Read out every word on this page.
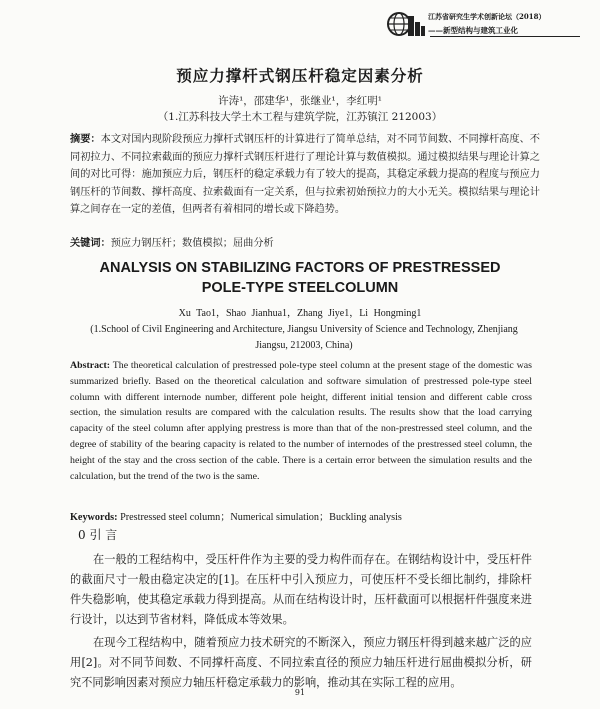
江苏省研究生学术创新论坛（2018）
——新型结构与建筑工业化
预应力撑杆式钢压杆稳定因素分析
许涛¹，邵建华¹，张继业¹，李红明¹
（1.江苏科技大学土木工程与建筑学院，江苏镇江 212003）
摘要：本文对国内现阶段预应力撑杆式钢压杆的计算进行了简单总结，对不同节间数、不同撑杆高度、不同初拉力、不同拉索截面的预应力撑杆式钢压杆进行了理论计算与数值模拟。通过模拟结果与理论计算之间的对比可得：施加预应力后，钢压杆的稳定承载力有了较大的提高，其稳定承载力提高的程度与预应力钢压杆的节间数、撑杆高度、拉索截面有一定关系，但与拉索初始预拉力的大小无关。模拟结果与理论计算之间存在一定的差值，但两者有着相同的增长或下降趋势。
关键词：预应力钢压杆；数值模拟；屈曲分析
ANALYSIS ON STABILIZING FACTORS OF PRESTRESSED
POLE-TYPE STEELCOLUMN
Xu Tao1，Shao Jianhua1，Zhang Jiye1，Li Hongming1
(1.School of Civil Engineering and Architecture, Jiangsu University of Science and Technology, Zhenjiang Jiangsu, 212003, China)
Abstract: The theoretical calculation of prestressed pole-type steel column at the present stage of the domestic was summarized briefly. Based on the theoretical calculation and software simulation of prestressed pole-type steel column with different internode number, different pole height, different initial tension and different cable cross section, the simulation results are compared with the calculation results. The results show that the load carrying capacity of the steel column after applying prestress is more than that of the non-prestressed steel column, and the degree of stability of the bearing capacity is related to the number of internodes of the prestressed steel column, the height of the stay and the cross section of the cable. There is a certain error between the simulation results and the calculation, but the trend of the two is the same.
Keywords: Prestressed steel column；Numerical simulation；Buckling analysis
0 引 言
在一般的工程结构中，受压杆件作为主要的受力构件而存在。在钢结构设计中，受压杆件的截面尺寸一般由稳定决定的[1]。在压杆中引入预应力，可使压杆不受长细比制约，排除杆件失稳影响，使其稳定承载力得到提高。从而在结构设计时，压杆截面可以根据杆件强度来进行设计，以达到节省材料，降低成本等效果。
在现今工程结构中，随着预应力技术研究的不断深入，预应力钢压杆得到越来越广泛的应用[2]。对不同节间数、不同撑杆高度、不同拉索直径的预应力轴压杆进行屈曲模拟分析，研究不同影响因素对预应力轴压杆稳定承载力的影响，推动其在实际工程的应用。
91
